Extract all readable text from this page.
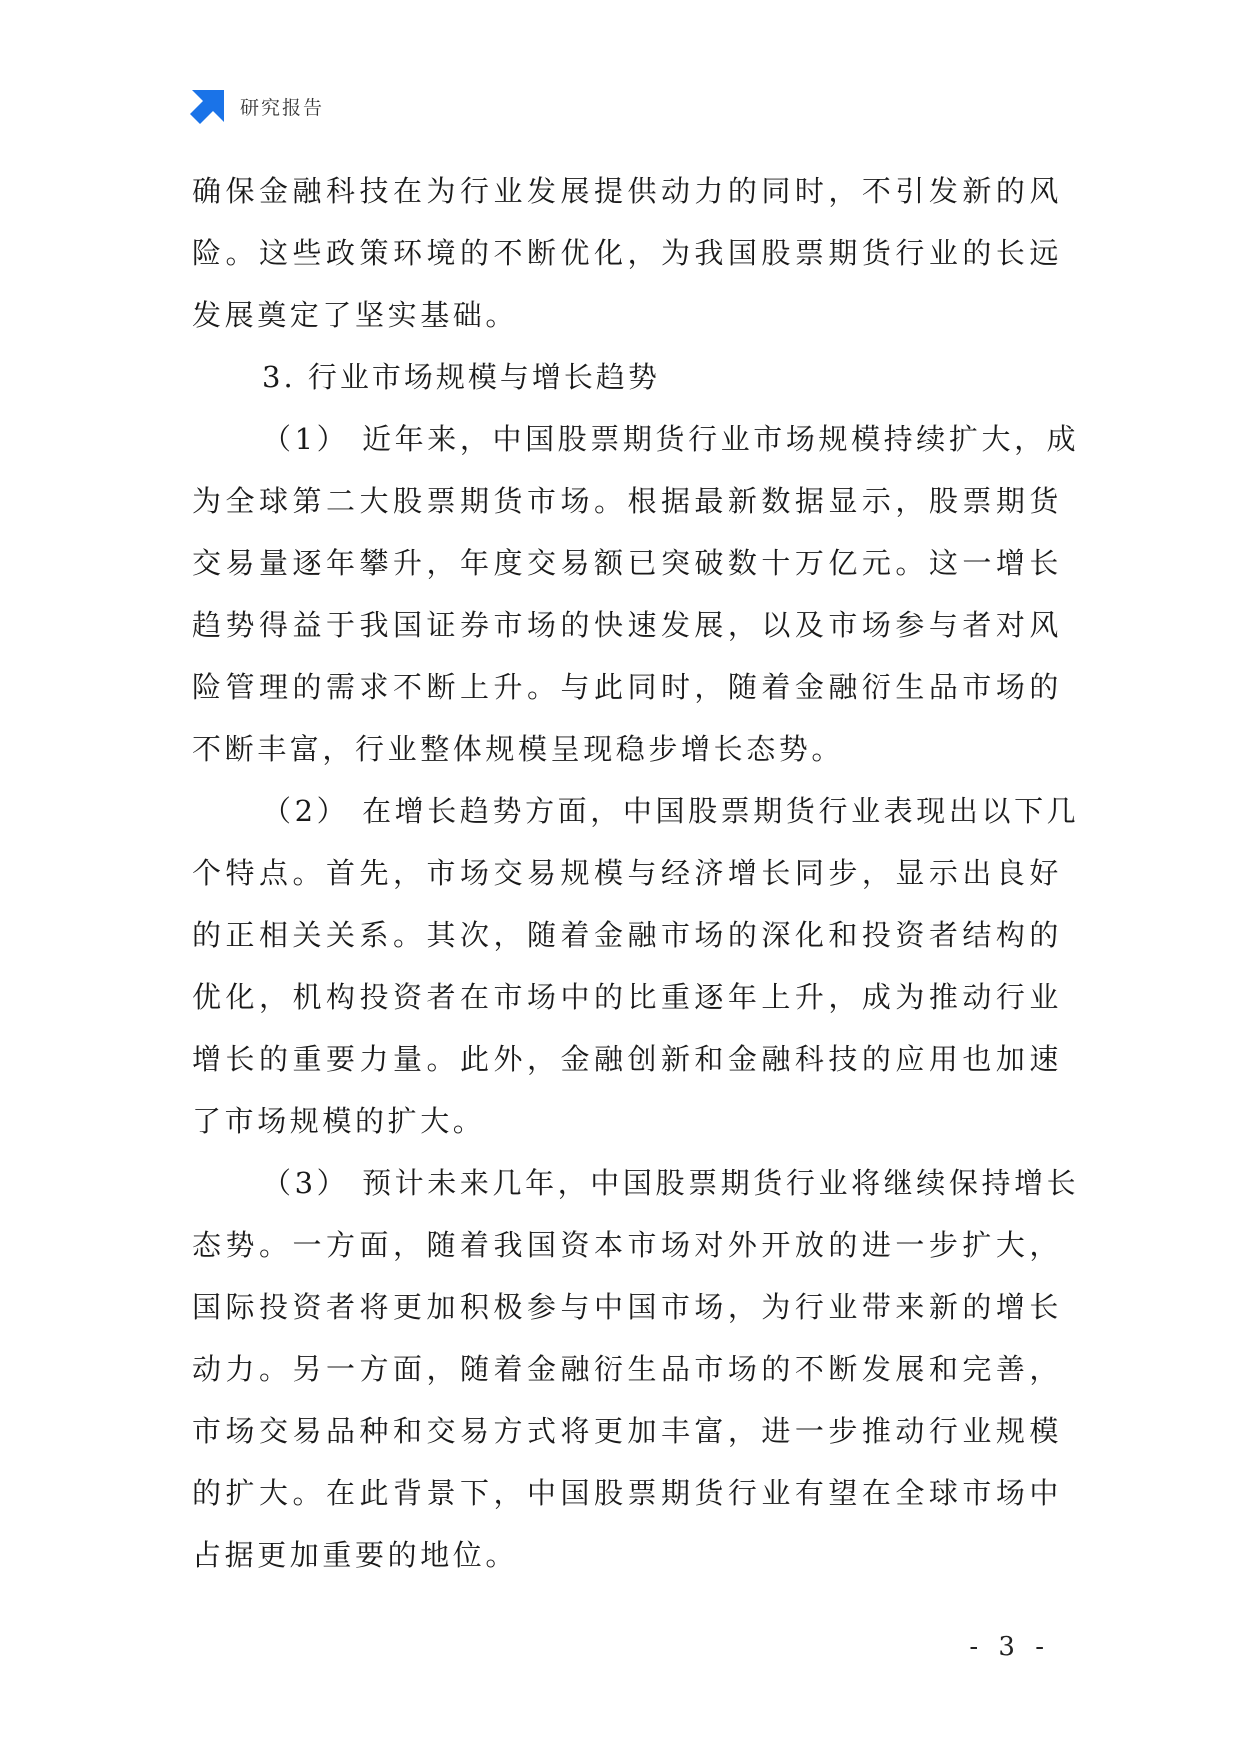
研究报告
确保金融科技在为行业发展提供动力的同时，不引发新的风
险。这些政策环境的不断优化，为我国股票期货行业的长远
发展奠定了坚实基础。
3. 行业市场规模与增长趋势
（1） 近年来，中国股票期货行业市场规模持续扩大，成
为全球第二大股票期货市场。根据最新数据显示，股票期货
交易量逐年攀升，年度交易额已突破数十万亿元。这一增长
趋势得益于我国证券市场的快速发展，以及市场参与者对风
险管理的需求不断上升。与此同时，随着金融衍生品市场的
不断丰富，行业整体规模呈现稳步增长态势。
（2） 在增长趋势方面，中国股票期货行业表现出以下几
个特点。首先，市场交易规模与经济增长同步，显示出良好
的正相关关系。其次，随着金融市场的深化和投资者结构的
优化，机构投资者在市场中的比重逐年上升，成为推动行业
增长的重要力量。此外，金融创新和金融科技的应用也加速
了市场规模的扩大。
（3） 预计未来几年，中国股票期货行业将继续保持增长
态势。一方面，随着我国资本市场对外开放的进一步扩大，
国际投资者将更加积极参与中国市场，为行业带来新的增长
动力。另一方面，随着金融衍生品市场的不断发展和完善，
市场交易品种和交易方式将更加丰富，进一步推动行业规模
的扩大。在此背景下，中国股票期货行业有望在全球市场中
占据更加重要的地位。
- 3 -
